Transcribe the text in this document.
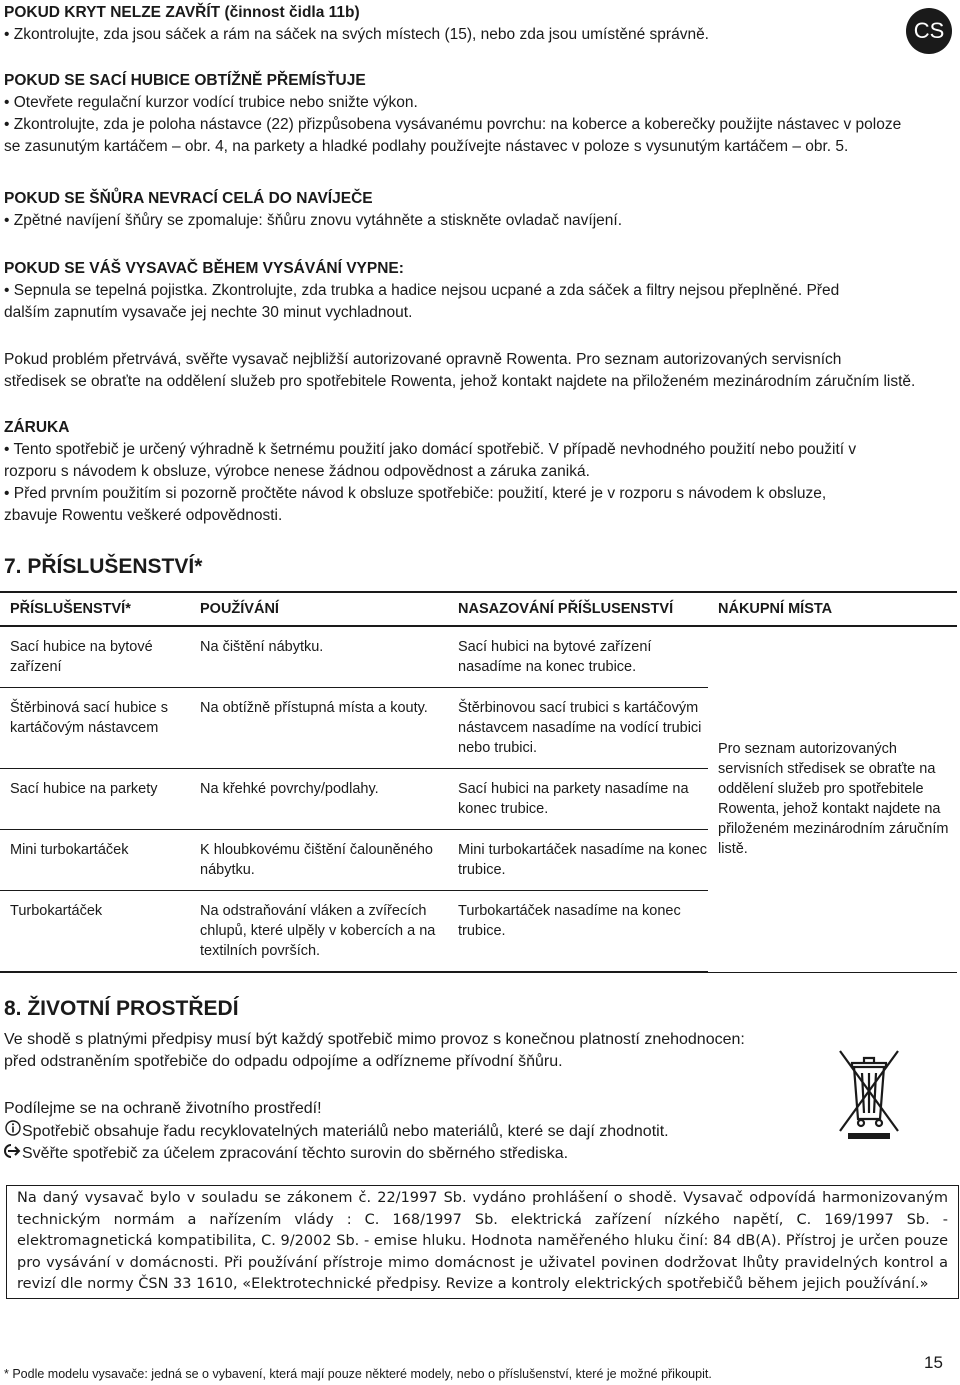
CS

POKUD KRYT NELZE ZAVŘÍT (činnost čidla 11b)

• Zkontrolujte, zda jsou sáček a rám na sáček na svých místech (15), nebo zda jsou umístěné správně.

POKUD SE SACÍ HUBICE OBTÍŽNĚ PŘEMÍSŤUJE

• Otevřete regulační kurzor vodící trubice nebo snižte výkon.

• Zkontrolujte, zda je poloha nástavce (22) přizpůsobena vysávanému povrchu: na koberce a koberečky použijte nástavec v poloze

se zasunutým kartáčem – obr. 4, na parkety a hladké podlahy používejte nástavec v poloze s vysunutým kartáčem – obr. 5.

POKUD SE ŠŇŮRA NEVRACÍ CELÁ DO NAVÍJEČE

• Zpětné navíjení šňůry se zpomaluje: šňůru znovu vytáhněte a stiskněte ovladač navíjení.

POKUD SE VÁŠ VYSAVAČ BĚHEM VYSÁVÁNÍ VYPNE:

• Sepnula se tepelná pojistka. Zkontrolujte, zda trubka a hadice nejsou ucpané a zda sáček a filtry nejsou přeplněné. Před

dalším zapnutím vysavače jej nechte 30 minut vychladnout.

Pokud problém přetrvává, svěřte vysavač nejbližší autorizované opravně Rowenta. Pro seznam autorizovaných servisních

středisek se obraťte na oddělení služeb pro spotřebitele Rowenta, jehož kontakt najdete na přiloženém mezinárodním záručním listě.

ZÁRUKA

• Tento spotřebič je určený výhradně k šetrnému použití jako domácí spotřebič. V případě nevhodného použití nebo použití v

rozporu s návodem k obsluze, výrobce nenese žádnou odpovědnost a záruka zaniká.

• Před prvním použitím si pozorně pročtěte návod k obsluze spotřebiče: použití, které je v rozporu s návodem k obsluze,

zbavuje Rowentu veškeré odpovědnosti.

7. PŘÍSLUŠENSTVÍ*

PŘÍSLUŠENSTVÍ*	POUŽÍVÁNÍ	NASAZOVÁNÍ PŘÍŠLUSENSTVÍ	NÁKUPNÍ MÍSTA
Sací hubice na bytové zařízení	Na čištění nábytku.	Sací hubici na bytové zařízení nasadíme na konec trubice.	Pro seznam autorizovaných servisních středisek se obraťte na oddělení služeb pro spotřebitele Rowenta, jehož kontakt najdete na přiloženém mezinárodním záručním listě.
Štěrbinová sací hubice s kartáčovým nástavcem	Na obtížně přístupná místa a kouty.	Štěrbinovou sací trubici s kartáčovým nástavcem nasadíme na vodící trubici nebo trubici.	
Sací hubice na parkety	Na křehké povrchy/podlahy.	Sací hubici na parkety nasadíme na konec trubice.	
Mini turbokartáček	K hloubkovému čištění čalouněného nábytku.	Mini turbokartáček nasadíme na konec trubice.	
Turbokartáček	Na odstraňování vláken a zvířecích chlupů, které ulpěly v kobercích a na textilních površích.	Turbokartáček nasadíme na konec trubice.	

8. ŽIVOTNÍ PROSTŘEDÍ

Ve shodě s platnými předpisy musí být každý spotřebič mimo provoz s konečnou platností znehodnocen:

před odstraněním spotřebiče do odpadu odpojíme a odřízneme přívodní šňůru.

Podílejme se na ochraně životního prostředí!

Spotřebič obsahuje řadu recyklovatelných materiálů nebo materiálů, které se dají zhodnotit.

Svěřte spotřebič za účelem zpracování těchto surovin do sběrného střediska.

Na daný vysavač bylo v souladu se zákonem č. 22/1997 Sb. vydáno prohlášení o shodě. Vysavač odpovídá harmonizovaným technickým normám a nařízením vlády : C. 168/1997 Sb. elektrická zařízení nízkého napětí, C. 169/1997 Sb. - elektromagnetická kompatibilita, C. 9/2002 Sb. - emise hluku. Hodnota naměřeného hluku činí: 84 dB(A). Přístroj je určen pouze pro vysávání v domácnosti. Při používání přístroje mimo domácnost je uživatel povinen dodržovat lhůty pravidelných kontrol a revizí dle normy ČSN 33 1610, «Elektrotechnické předpisy. Revize a kontroly elektrických spotřebičů během jejich používání.»
15
* Podle modelu vysavače: jedná se o vybavení, která mají pouze některé modely, nebo o příslušenství, které je možné přikoupit.
